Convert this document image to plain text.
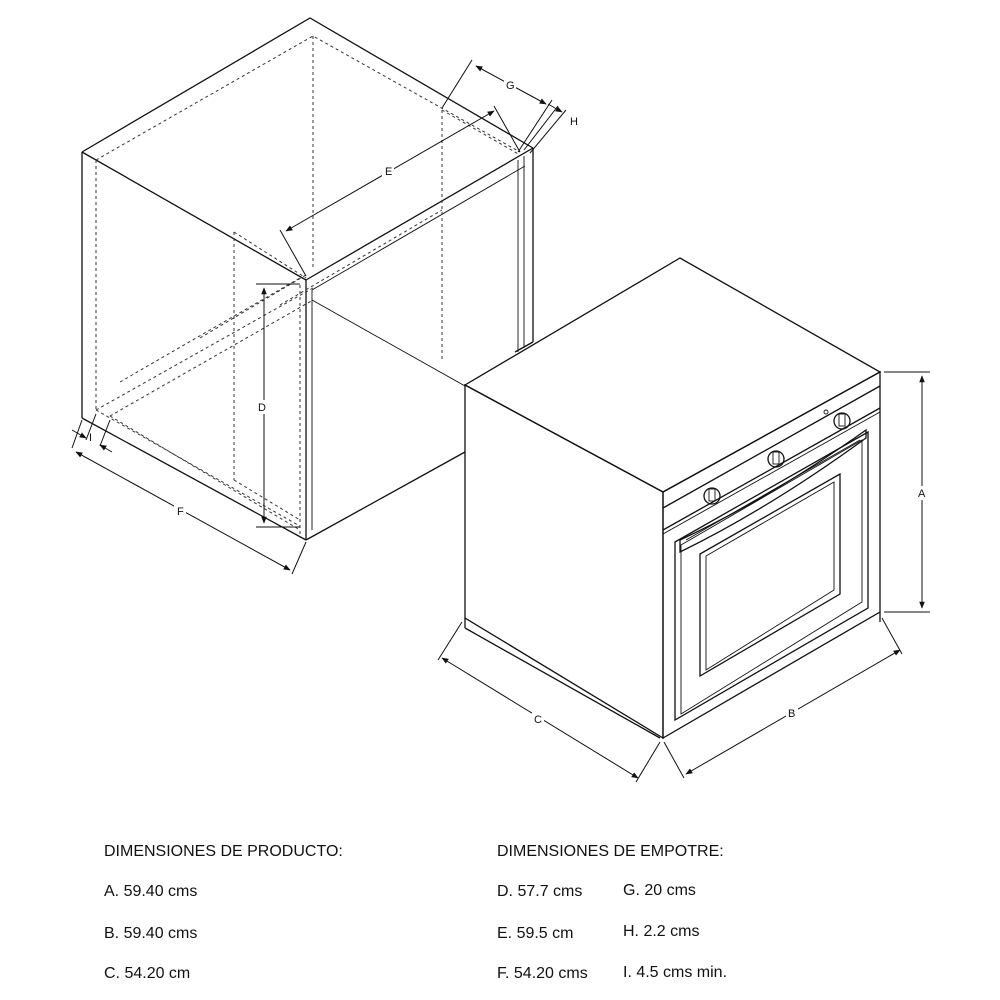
A
B
C
D
E
F
G
H
I
DIMENSIONES DE PRODUCTO:
A. 59.40 cms
B. 59.40 cms
C. 54.20 cm
DIMENSIONES DE EMPOTRE:
D. 57.7 cms
E. 59.5 cm
F. 54.20 cms
G. 20 cms
H. 2.2 cms
I. 4.5 cms min.
